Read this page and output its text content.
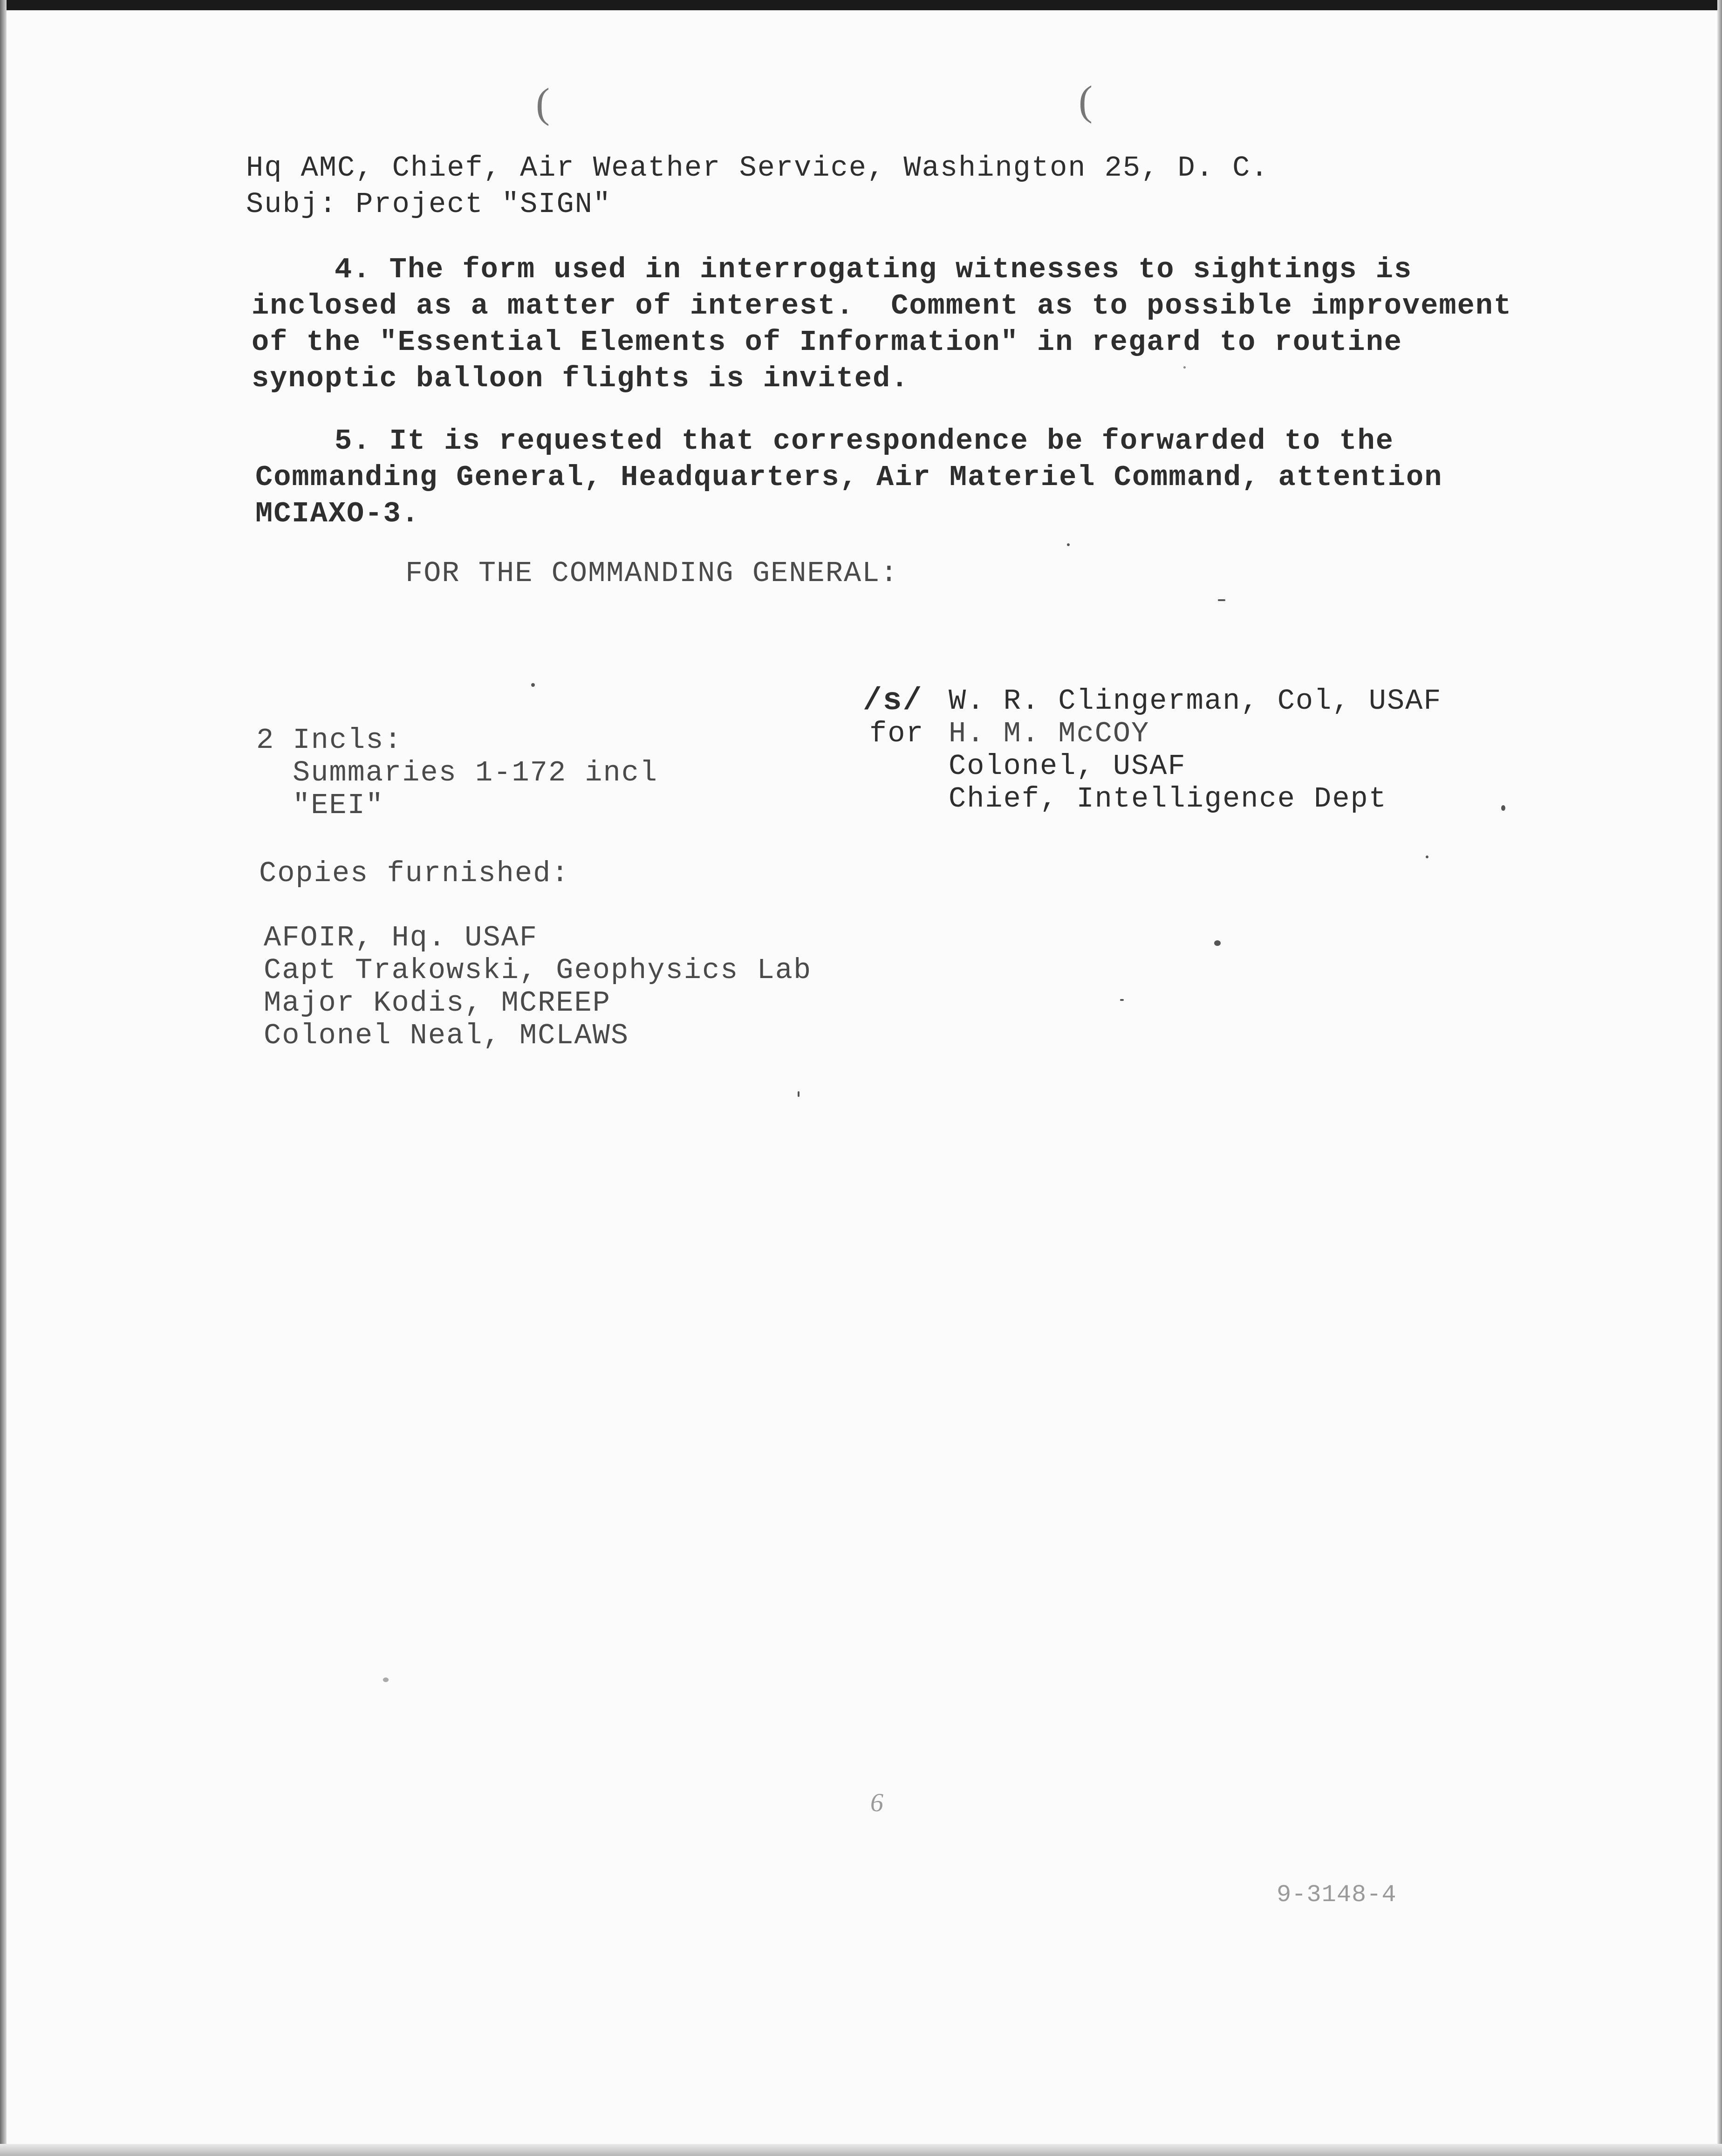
(	(
Hq AMC, Chief, Air Weather Service, Washington 25, D. C.
Subj: Project "SIGN"
4. The form used in interrogating witnesses to sightings is
inclosed as a matter of interest.  Comment as to possible improvement
of the "Essential Elements of Information" in regard to routine
synoptic balloon flights is invited.
5. It is requested that correspondence be forwarded to the
Commanding General, Headquarters, Air Materiel Command, attention
MCIAXO-3.
FOR THE COMMANDING GENERAL:
/s/
for
W. R. Clingerman, Col, USAF
H. M. McCOY
Colonel, USAF
Chief, Intelligence Dept
2 Incls:
Summaries 1-172 incl
"EEI"
Copies furnished:
AFOIR, Hq. USAF
Capt Trakowski, Geophysics Lab
Major Kodis, MCREEP
Colonel Neal, MCLAWS
6
9-3148-4
